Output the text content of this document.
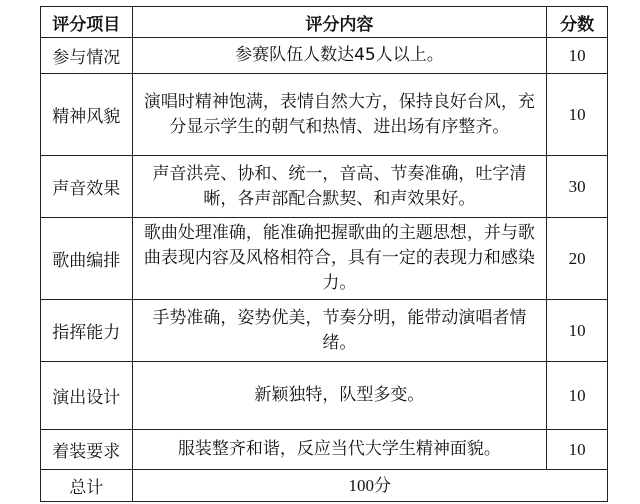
评分项目	评分内容	分数
参与情况	参赛队伍人数达45人以上。	10
精神风貌	演唱时精神饱满，表情自然大方，保持良好台风，充分显示学生的朝气和热情、进出场有序整齐。	10
声音效果	声音洪亮、协和、统一，音高、节奏准确，吐字清晰，各声部配合默契、和声效果好。	30
歌曲编排	歌曲处理准确，能准确把握歌曲的主题思想，并与歌曲表现内容及风格相符合，具有一定的表现力和感染力。	20
指挥能力	手势准确，姿势优美，节奏分明，能带动演唱者情绪。	10
演出设计	新颖独特，队型多变。	10
着装要求	服装整齐和谐，反应当代大学生精神面貌。	10
总计	100分	
